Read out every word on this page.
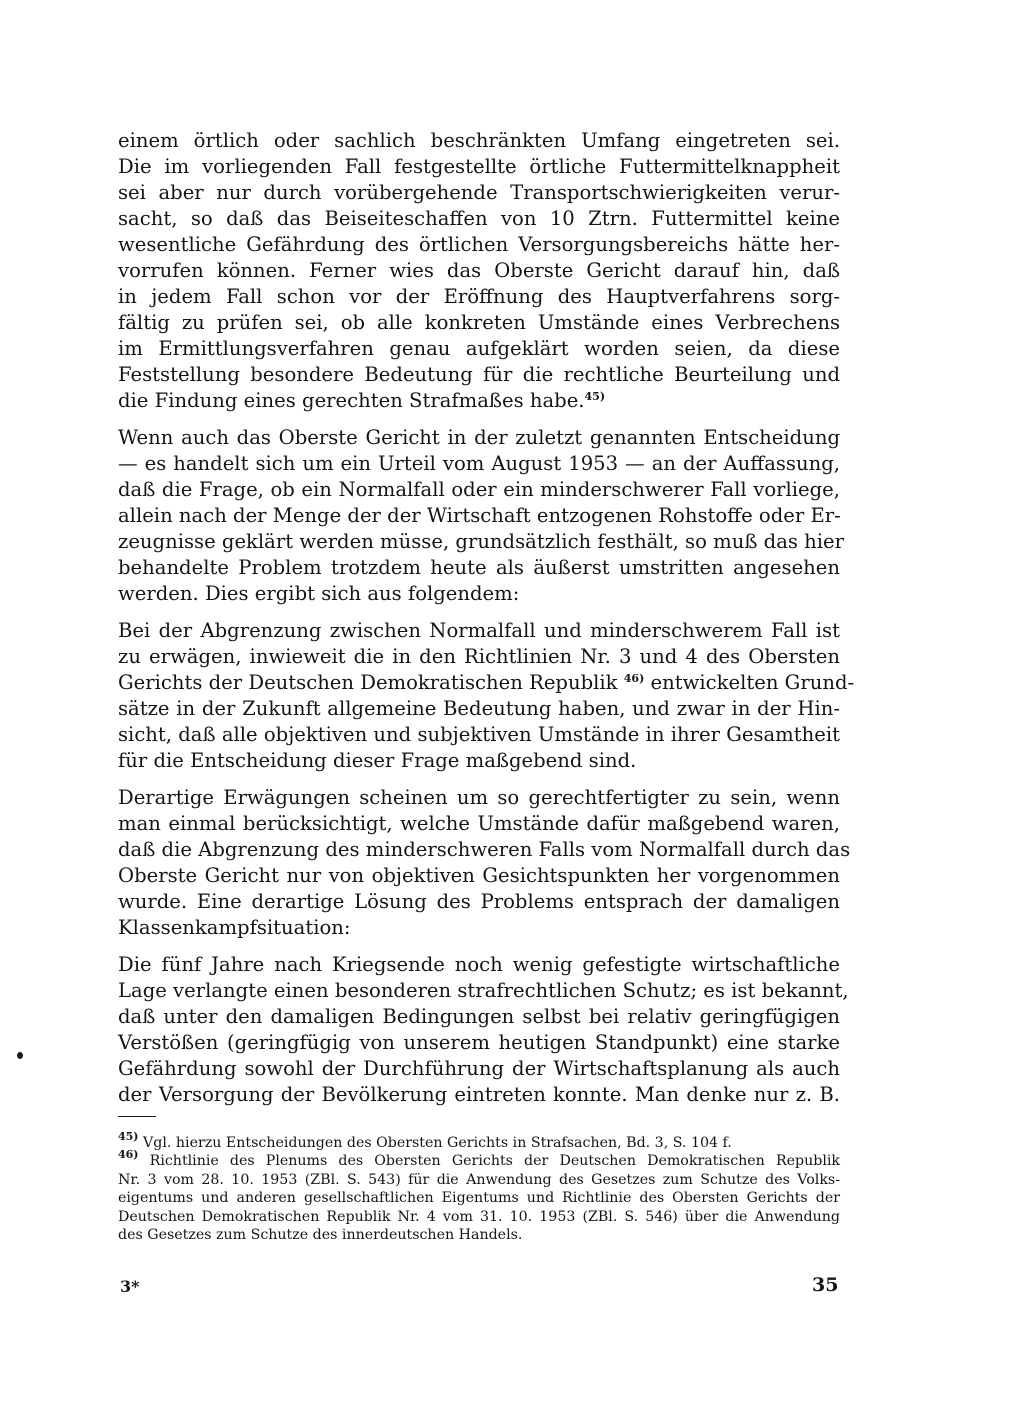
einem örtlich oder sachlich beschränkten Umfang eingetreten sei.
Die im vorliegenden Fall festgestellte örtliche Futtermittelknappheit
sei aber nur durch vorübergehende Transportschwierigkeiten verur-
sacht, so daß das Beiseiteschaffen von 10 Ztrn. Futtermittel keine
wesentliche Gefährdung des örtlichen Versorgungsbereichs hätte her-
vorrufen können. Ferner wies das Oberste Gericht darauf hin, daß
in jedem Fall schon vor der Eröffnung des Hauptverfahrens sorg-
fältig zu prüfen sei, ob alle konkreten Umstände eines Verbrechens
im Ermittlungsverfahren genau aufgeklärt worden seien, da diese
Feststellung besondere Bedeutung für die rechtliche Beurteilung und
die Findung eines gerechten Strafmaßes habe.$^{45)}$

Wenn auch das Oberste Gericht in der zuletzt genannten Entscheidung
— es handelt sich um ein Urteil vom August 1953 — an der Auffassung,
daß die Frage, ob ein Normalfall oder ein minderschwerer Fall vorliege,
allein nach der Menge der der Wirtschaft entzogenen Rohstoffe oder Er-
zeugnisse geklärt werden müsse, grundsätzlich festhält, so muß das hier
behandelte Problem trotzdem heute als äußerst umstritten angesehen
werden. Dies ergibt sich aus folgendem:

Bei der Abgrenzung zwischen Normalfall und minderschwerem Fall ist
zu erwägen, inwieweit die in den Richtlinien Nr. 3 und 4 des Obersten
Gerichts der Deutschen Demokratischen Republik $^{46)}$ entwickelten Grund-
sätze in der Zukunft allgemeine Bedeutung haben, und zwar in der Hin-
sicht, daß alle objektiven und subjektiven Umstände in ihrer Gesamtheit
für die Entscheidung dieser Frage maßgebend sind.

Derartige Erwägungen scheinen um so gerechtfertigter zu sein, wenn
man einmal berücksichtigt, welche Umstände dafür maßgebend waren,
daß die Abgrenzung des minderschweren Falls vom Normalfall durch das
Oberste Gericht nur von objektiven Gesichtspunkten her vorgenommen
wurde. Eine derartige Lösung des Problems entsprach der damaligen
Klassenkampfsituation:

Die fünf Jahre nach Kriegsende noch wenig gefestigte wirtschaftliche
Lage verlangte einen besonderen strafrechtlichen Schutz; es ist bekannt,
daß unter den damaligen Bedingungen selbst bei relativ geringfügigen
Verstößen (geringfügig von unserem heutigen Standpunkt) eine starke
Gefährdung sowohl der Durchführung der Wirtschaftsplanung als auch
der Versorgung der Bevölkerung eintreten konnte. Man denke nur z. B.

$^{45)}$ Vgl. hierzu Entscheidungen des Obersten Gerichts in Strafsachen, Bd. 3, S. 104 f.

$^{46)}$ Richtlinie des Plenums des Obersten Gerichts der Deutschen Demokratischen Republik
Nr. 3 vom 28. 10. 1953 (ZBl. S. 543) für die Anwendung des Gesetzes zum Schutze des Volks-
eigentums und anderen gesellschaftlichen Eigentums und Richtlinie des Obersten Gerichts der
Deutschen Demokratischen Republik Nr. 4 vom 31. 10. 1953 (ZBl. S. 546) über die Anwendung
des Gesetzes zum Schutze des innerdeutschen Handels.

3*	35
